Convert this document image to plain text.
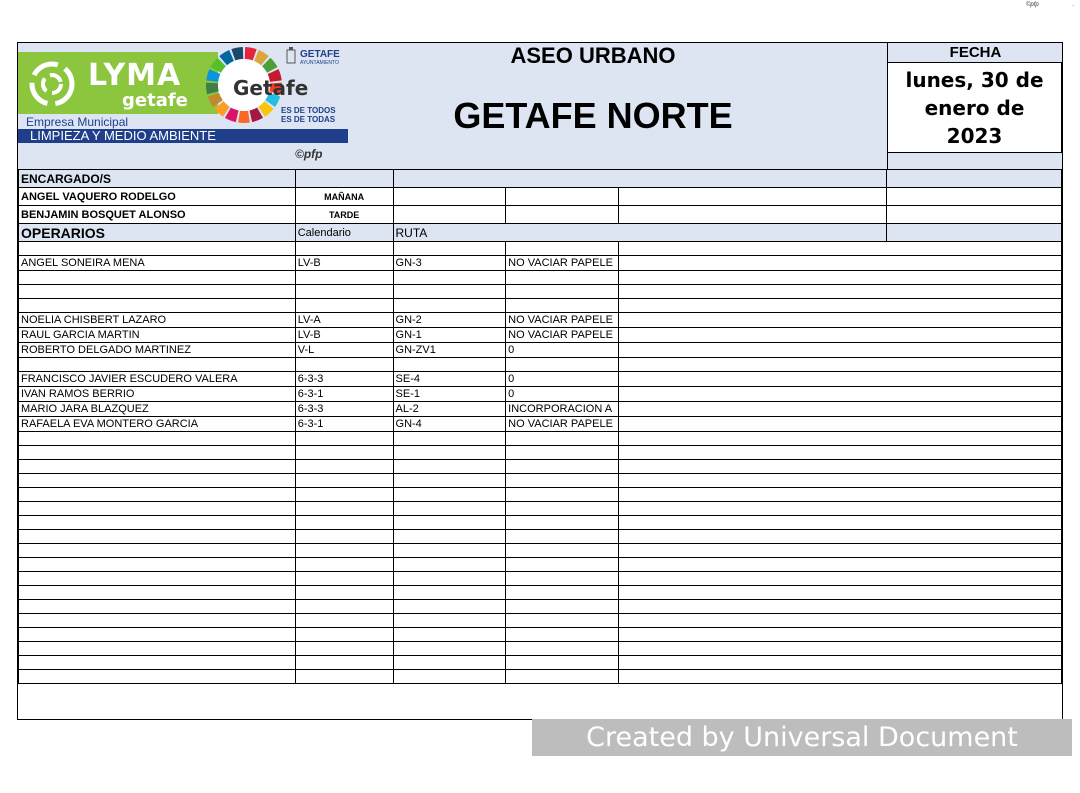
©pfp	-
LYMA
getafe
Empresa Municipal
LIMPIEZA Y MEDIO AMBIENTE
Getafe
GETAFE
AYUNTAMIENTO
ES DE TODOS
ES DE TODAS
©pfp
ASEO URBANO
GETAFE NORTE
FECHA
lunes, 30 de enero de 2023
ENCARGADO/S					
ANGEL VAQUERO RODELGO	MAÑANA				
BENJAMIN BOSQUET ALONSO	TARDE				
OPERARIOS	Calendario	RUTA			

ANGEL SONEIRA MENA	LV-B	GN-3	NO VACIAR PAPELE		

NOELIA CHISBERT LAZARO	LV-A	GN-2	NO VACIAR PAPELE		
RAUL GARCIA MARTIN	LV-B	GN-1	NO VACIAR PAPELE		
ROBERTO DELGADO MARTINEZ	V-L	GN-ZV1	0		

FRANCISCO JAVIER ESCUDERO VALERA	6-3-3	SE-4	0		
IVAN RAMOS BERRIO	6-3-1	SE-1	0		
MARIO JARA BLAZQUEZ	6-3-3	AL-2	INCORPORACION A		
RAFAELA EVA MONTERO GARCIA	6-3-1	GN-4	NO VACIAR PAPELE		

Created by Universal Document Converter
